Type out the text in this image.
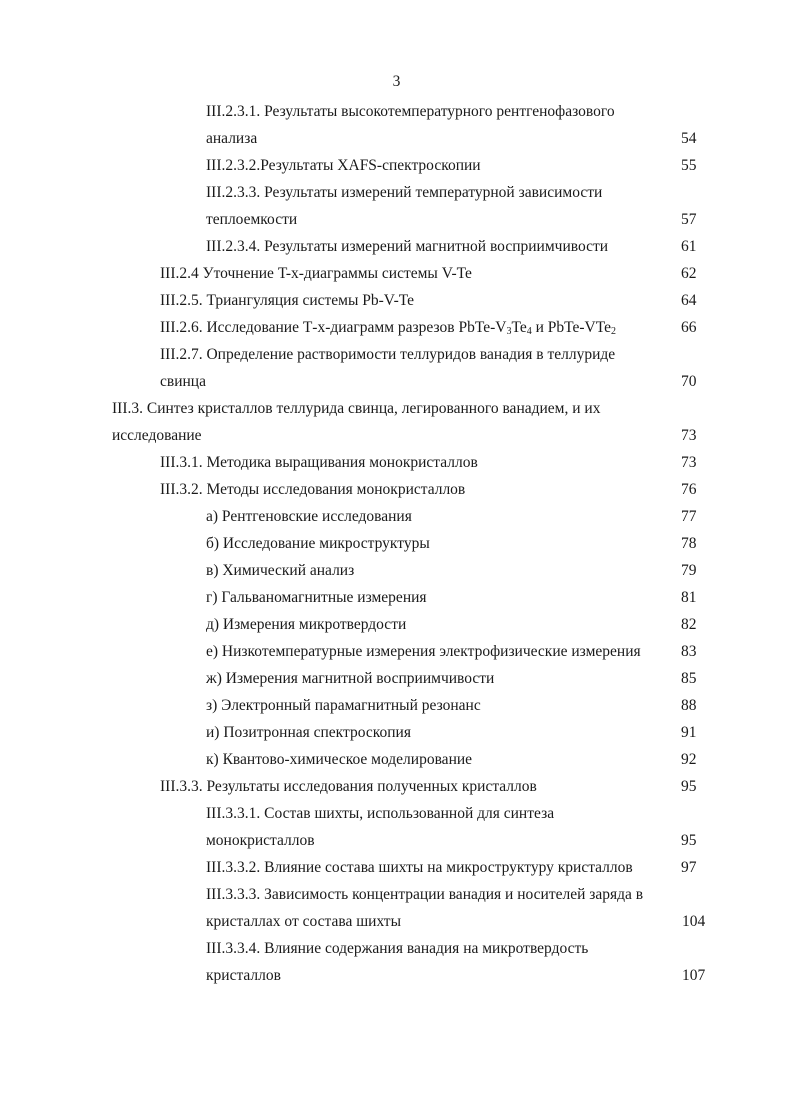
3
III.2.3.1. Результаты высокотемпературного рентгенофазового
анализа	54
III.2.3.2.Результаты XAFS-спектроскопии	55
III.2.3.3. Результаты измерений температурной зависимости
теплоемкости	57
III.2.3.4. Результаты измерений магнитной восприимчивости	61
III.2.4 Уточнение T-x-диаграммы системы V-Te	62
III.2.5. Триангуляция системы Pb-V-Te	64
III.2.6. Исследование Т-х-диаграмм разрезов PbTe-$V_3Te_4$ и PbTe-VTe$_2$	66
III.2.7. Определение растворимости теллуридов ванадия в теллуриде
свинца	70
III.3. Синтез кристаллов теллурида свинца, легированного ванадием, и их
исследование	73
III.3.1. Методика выращивания монокристаллов	73
III.3.2. Методы исследования монокристаллов	76
а) Рентгеновские исследования	77
б) Исследование микроструктуры	78
в) Химический анализ	79
г) Гальваномагнитные измерения	81
д) Измерения микротвердости	82
е) Низкотемпературные измерения электрофизические измерения	83
ж) Измерения магнитной восприимчивости	85
з) Электронный парамагнитный резонанс	88
и) Позитронная спектроскопия	91
к) Квантово-химическое моделирование	92
III.3.3. Результаты исследования полученных кристаллов	95
III.3.3.1. Состав шихты, использованной для синтеза
монокристаллов	95
III.3.3.2. Влияние состава шихты на микроструктуру кристаллов	97
III.3.3.3. Зависимость концентрации ванадия и носителей заряда в
кристаллах от состава шихты	104
III.3.3.4. Влияние содержания ванадия на микротвердость
кристаллов	107
